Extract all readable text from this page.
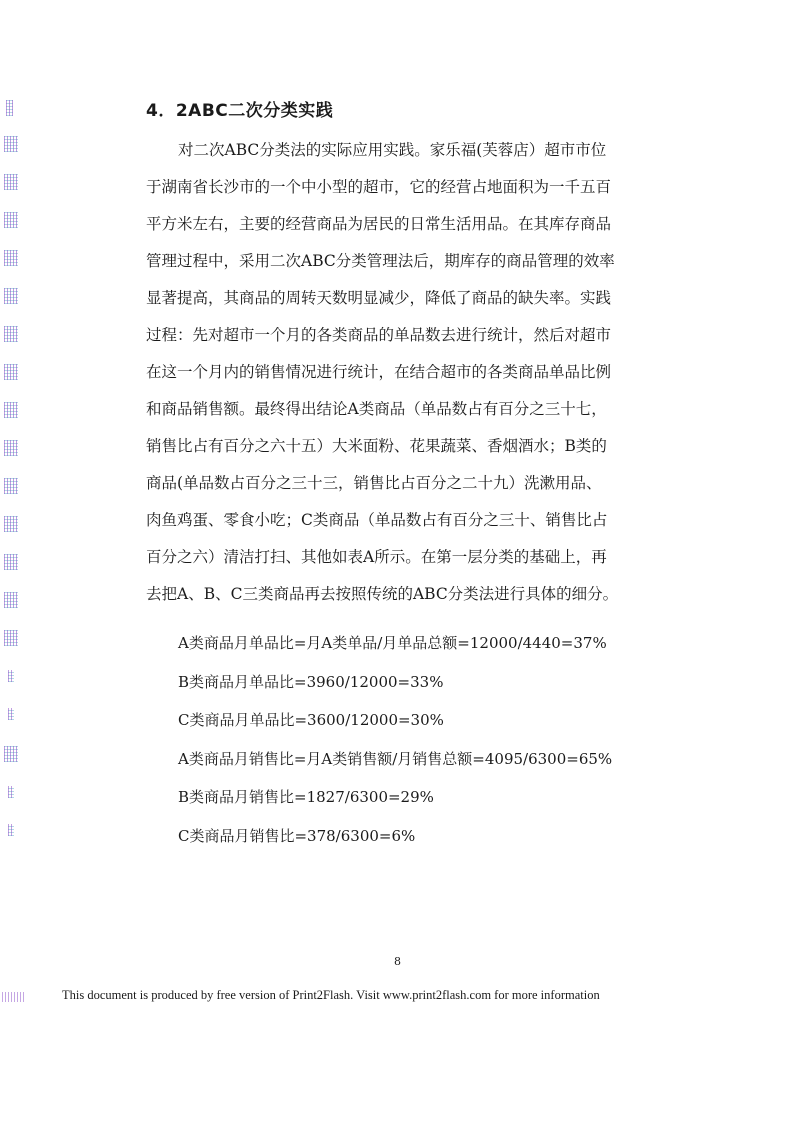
4．2ABC二次分类实践

对二次ABC分类法的实际应用实践。家乐福(芙蓉店）超市市位
于湖南省长沙市的一个中小型的超市，它的经营占地面积为一千五百
平方米左右，主要的经营商品为居民的日常生活用品。在其库存商品
管理过程中，采用二次ABC分类管理法后，期库存的商品管理的效率
显著提高，其商品的周转天数明显减少，降低了商品的缺失率。实践
过程：先对超市一个月的各类商品的单品数去进行统计，然后对超市
在这一个月内的销售情况进行统计，在结合超市的各类商品单品比例
和商品销售额。最终得出结论A类商品（单品数占有百分之三十七，
销售比占有百分之六十五）大米面粉、花果蔬菜、香烟酒水；B类的
商品(单品数占百分之三十三，销售比占百分之二十九）洗漱用品、
肉鱼鸡蛋、零食小吃；C类商品（单品数占有百分之三十、销售比占
百分之六）清洁打扫、其他如表A所示。在第一层分类的基础上，再
去把A、B、C三类商品再去按照传统的ABC分类法进行具体的细分。

A类商品月单品比=月A类单品/月单品总额=12000/4440=37%
B类商品月单品比=3960/12000=33%
C类商品月单品比=3600/12000=30%
A类商品月销售比=月A类销售额/月销售总额=4095/6300=65%
B类商品月销售比=1827/6300=29%
C类商品月销售比=378/6300=6%
8
This document is produced by free version of Print2Flash. Visit www.print2flash.com for more information
